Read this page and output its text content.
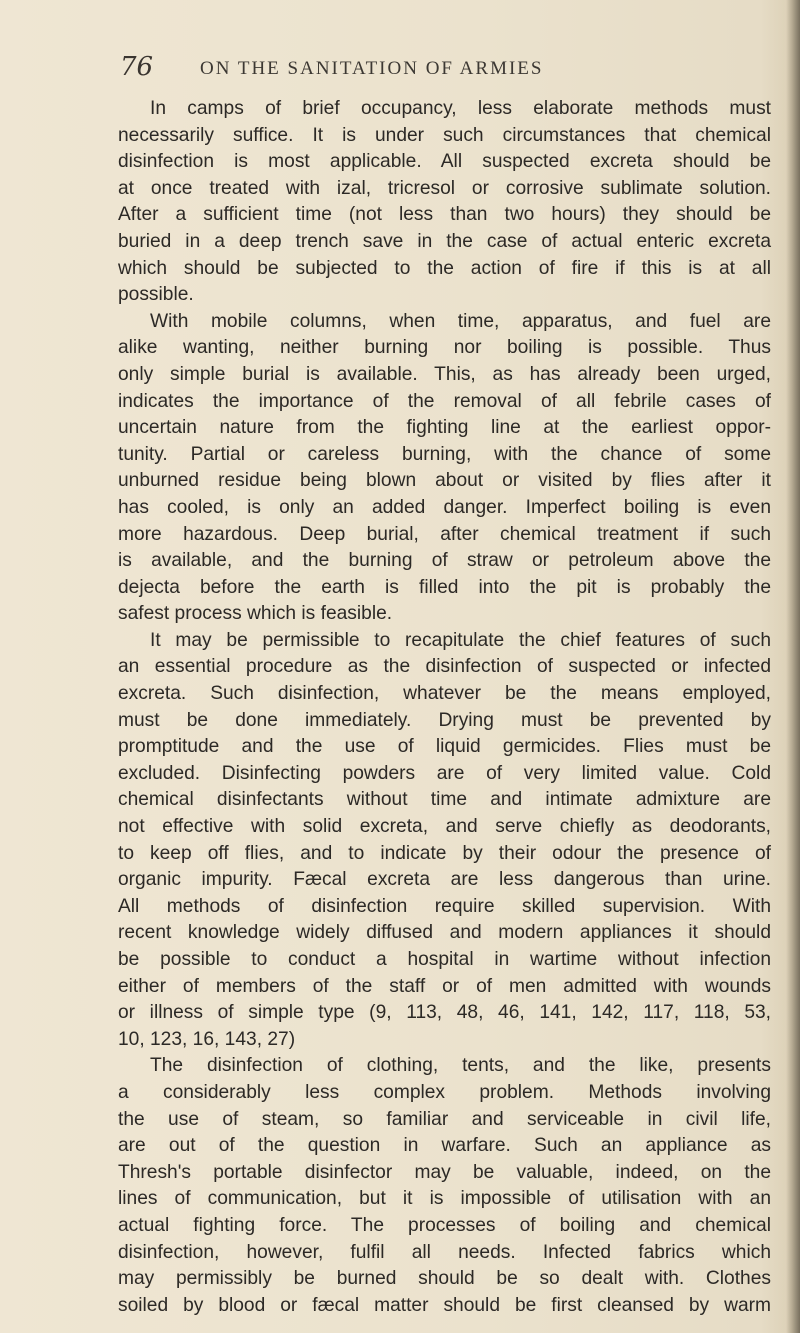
76 ON THE SANITATION OF ARMIES
In camps of brief occupancy, less elaborate methods must
necessarily suffice. It is under such circumstances that chemical
disinfection is most applicable. All suspected excreta should be
at once treated with izal, tricresol or corrosive sublimate solution.
After a sufficient time (not less than two hours) they should be
buried in a deep trench save in the case of actual enteric excreta
which should be subjected to the action of fire if this is at all
possible.
With mobile columns, when time, apparatus, and fuel are
alike wanting, neither burning nor boiling is possible. Thus
only simple burial is available. This, as has already been urged,
indicates the importance of the removal of all febrile cases of
uncertain nature from the fighting line at the earliest oppor-
tunity. Partial or careless burning, with the chance of some
unburned residue being blown about or visited by flies after it
has cooled, is only an added danger. Imperfect boiling is even
more hazardous. Deep burial, after chemical treatment if such
is available, and the burning of straw or petroleum above the
dejecta before the earth is filled into the pit is probably the
safest process which is feasible.
It may be permissible to recapitulate the chief features of such
an essential procedure as the disinfection of suspected or infected
excreta. Such disinfection, whatever be the means employed,
must be done immediately. Drying must be prevented by
promptitude and the use of liquid germicides. Flies must be
excluded. Disinfecting powders are of very limited value. Cold
chemical disinfectants without time and intimate admixture are
not effective with solid excreta, and serve chiefly as deodorants,
to keep off flies, and to indicate by their odour the presence of
organic impurity. Fæcal excreta are less dangerous than urine.
All methods of disinfection require skilled supervision. With
recent knowledge widely diffused and modern appliances it should
be possible to conduct a hospital in wartime without infection
either of members of the staff or of men admitted with wounds
or illness of simple type (9, 113, 48, 46, 141, 142, 117, 118, 53,
10, 123, 16, 143, 27)
The disinfection of clothing, tents, and the like, presents
a considerably less complex problem. Methods involving
the use of steam, so familiar and serviceable in civil life,
are out of the question in warfare. Such an appliance as
Thresh's portable disinfector may be valuable, indeed, on the
lines of communication, but it is impossible of utilisation with an
actual fighting force. The processes of boiling and chemical
disinfection, however, fulfil all needs. Infected fabrics which
may permissibly be burned should be so dealt with. Clothes
soiled by blood or fæcal matter should be first cleansed by warm
